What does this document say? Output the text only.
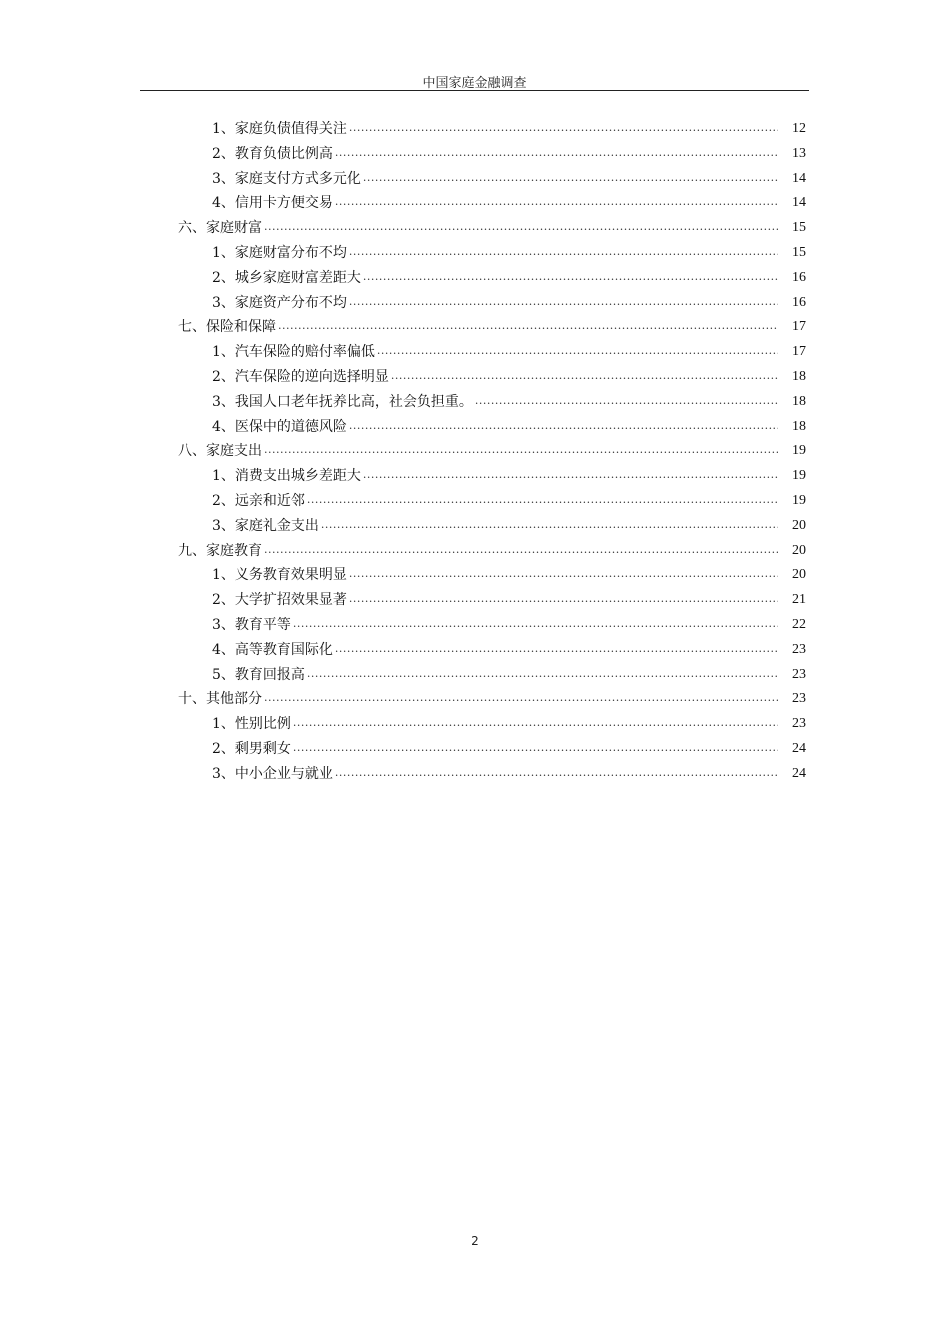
中国家庭金融调查
1、家庭负债值得关注 .....	12
2、教育负债比例高 .....	13
3、家庭支付方式多元化 .....	14
4、信用卡方便交易 .....	14
六、家庭财富 .....	15
1、家庭财富分布不均 .....	15
2、城乡家庭财富差距大 .....	16
3、家庭资产分布不均 .....	16
七、保险和保障 .....	17
1、汽车保险的赔付率偏低 .....	17
2、汽车保险的逆向选择明显 .....	18
3、我国人口老年抚养比高，社会负担重。 .....	18
4、医保中的道德风险 .....	18
八、家庭支出 .....	19
1、消费支出城乡差距大 .....	19
2、远亲和近邻 .....	19
3、家庭礼金支出 .....	20
九、家庭教育 .....	20
1、义务教育效果明显 .....	20
2、大学扩招效果显著 .....	21
3、教育平等 .....	22
4、高等教育国际化 .....	23
5、教育回报高 .....	23
十、其他部分 .....	23
1、性别比例 .....	23
2、剩男剩女 .....	24
3、中小企业与就业 .....	24
2
